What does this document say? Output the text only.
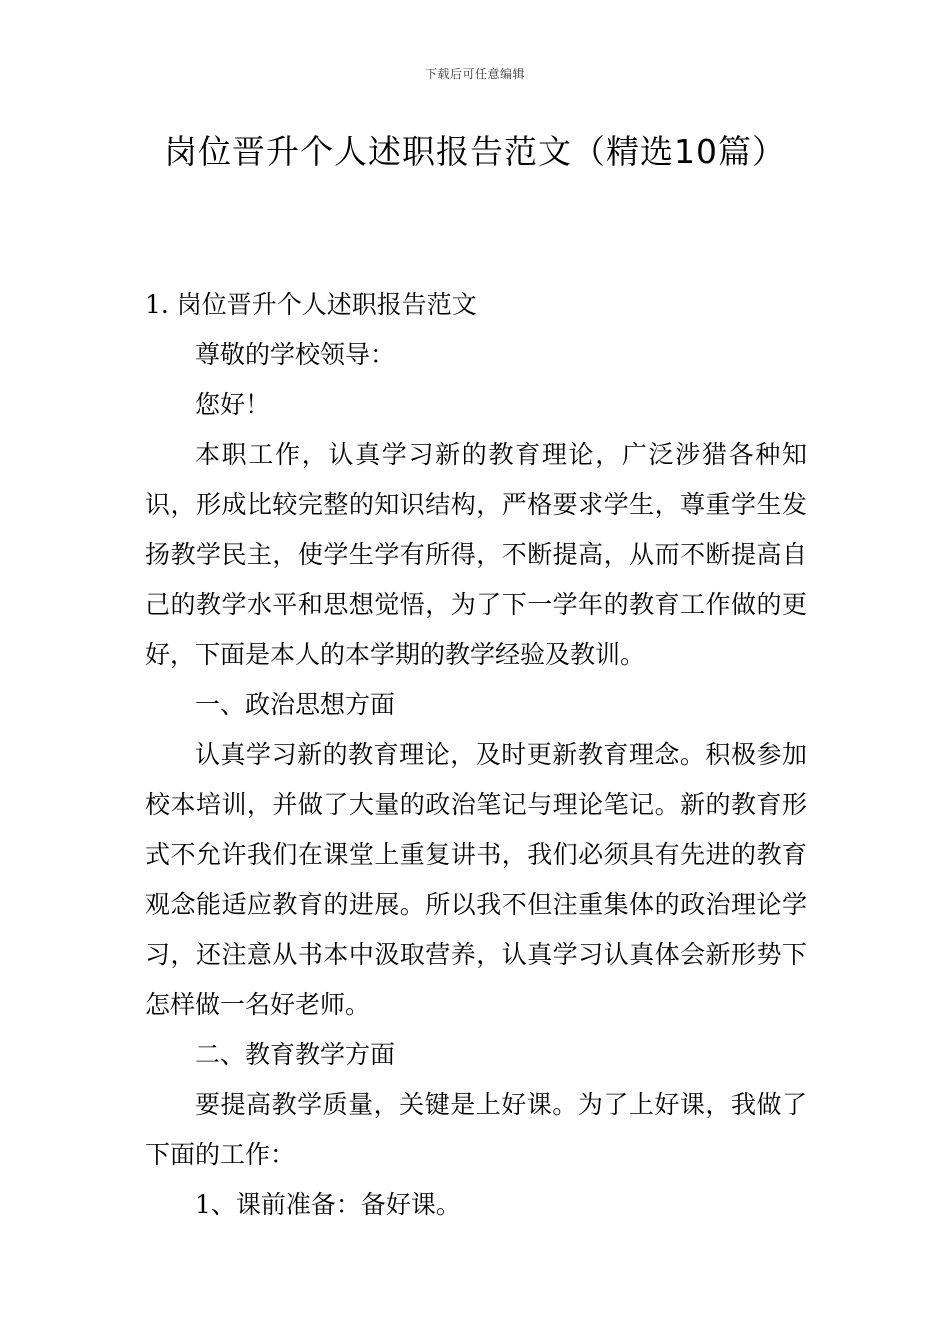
下载后可任意编辑
岗位晋升个人述职报告范文（精选10篇）

1. 岗位晋升个人述职报告范文

尊敬的学校领导：

您好！

本职工作，认真学习新的教育理论，广泛涉猎各种知识，形成比较完整的知识结构，严格要求学生，尊重学生发扬教学民主，使学生学有所得，不断提高，从而不断提高自己的教学水平和思想觉悟，为了下一学年的教育工作做的更好，下面是本人的本学期的教学经验及教训。

一、政治思想方面

认真学习新的教育理论，及时更新教育理念。积极参加校本培训，并做了大量的政治笔记与理论笔记。新的教育形式不允许我们在课堂上重复讲书，我们必须具有先进的教育观念能适应教育的进展。所以我不但注重集体的政治理论学习，还注意从书本中汲取营养，认真学习认真体会新形势下怎样做一名好老师。

二、教育教学方面

要提高教学质量，关键是上好课。为了上好课，我做了下面的工作：

1、课前准备：备好课。
